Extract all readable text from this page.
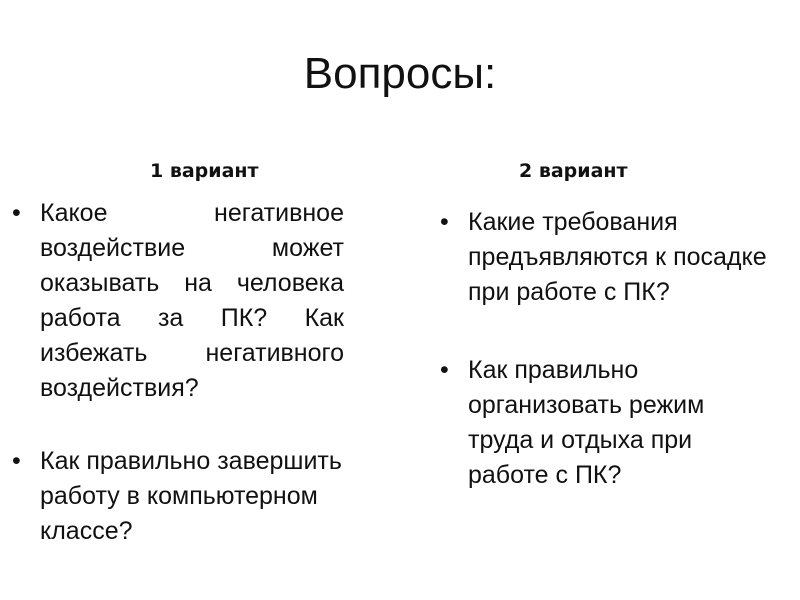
Вопросы:
1 вариант	2 вариант
• Какое негативное воздействие может оказывать на человека работа за ПК? Как избежать негативного воздействия?
• Как правильно завершить работу в компьютерном классе?
• Какие требования предъявляются к посадке при работе с ПК?
• Как правильно организовать режим труда и отдыха при работе с ПК?
